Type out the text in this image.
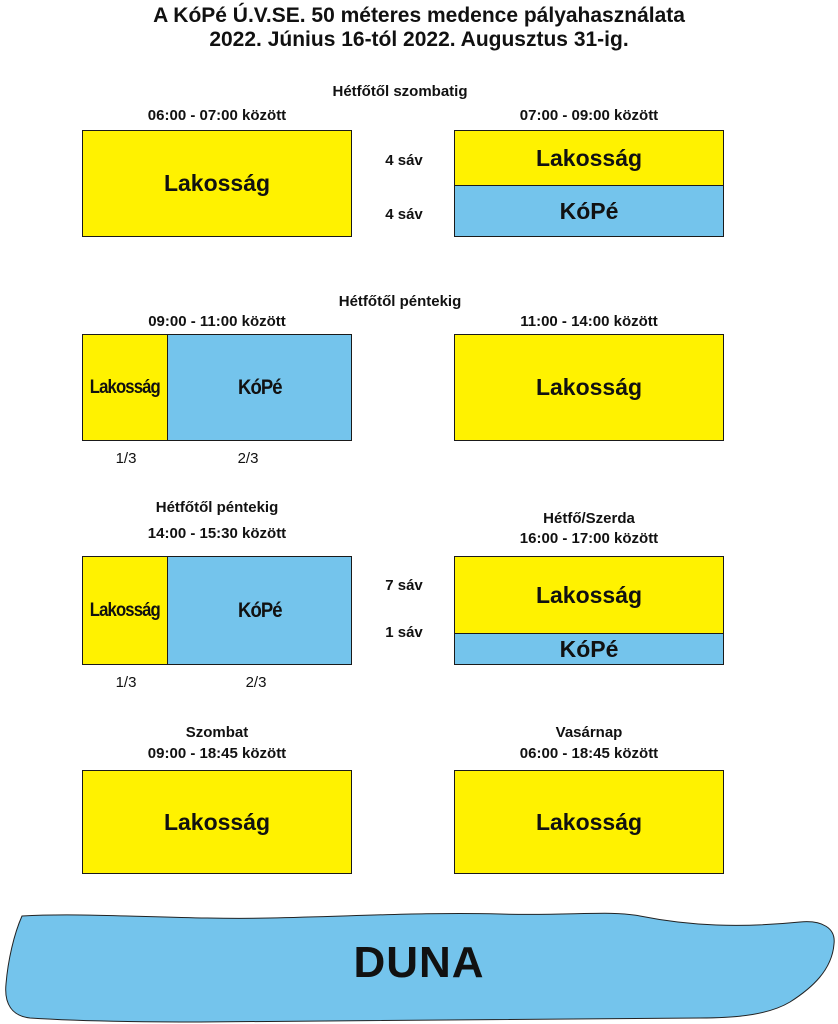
A KóPé Ú.V.SE. 50 méteres medence pályahasználata
2022. Június 16-tól 2022. Augusztus 31-ig.
Hétfőtől szombatig
06:00 - 07:00 között	07:00 - 09:00 között
Lakosság
4 sáv
4 sáv
Lakosság
KóPé
Hétfőtől péntekig
09:00 - 11:00 között	11:00 - 14:00 között
Lakosság	KóPé
1/3	2/3
Lakosság
Hétfőtől péntekig
14:00 - 15:30 között
Hétfő/Szerda
16:00 - 17:00 között
Lakosság	KóPé
1/3	2/3
7 sáv
1 sáv
Lakosság
KóPé
Szombat
09:00 - 18:45 között
Vasárnap
06:00 - 18:45 között
Lakosság	Lakosság
DUNA
